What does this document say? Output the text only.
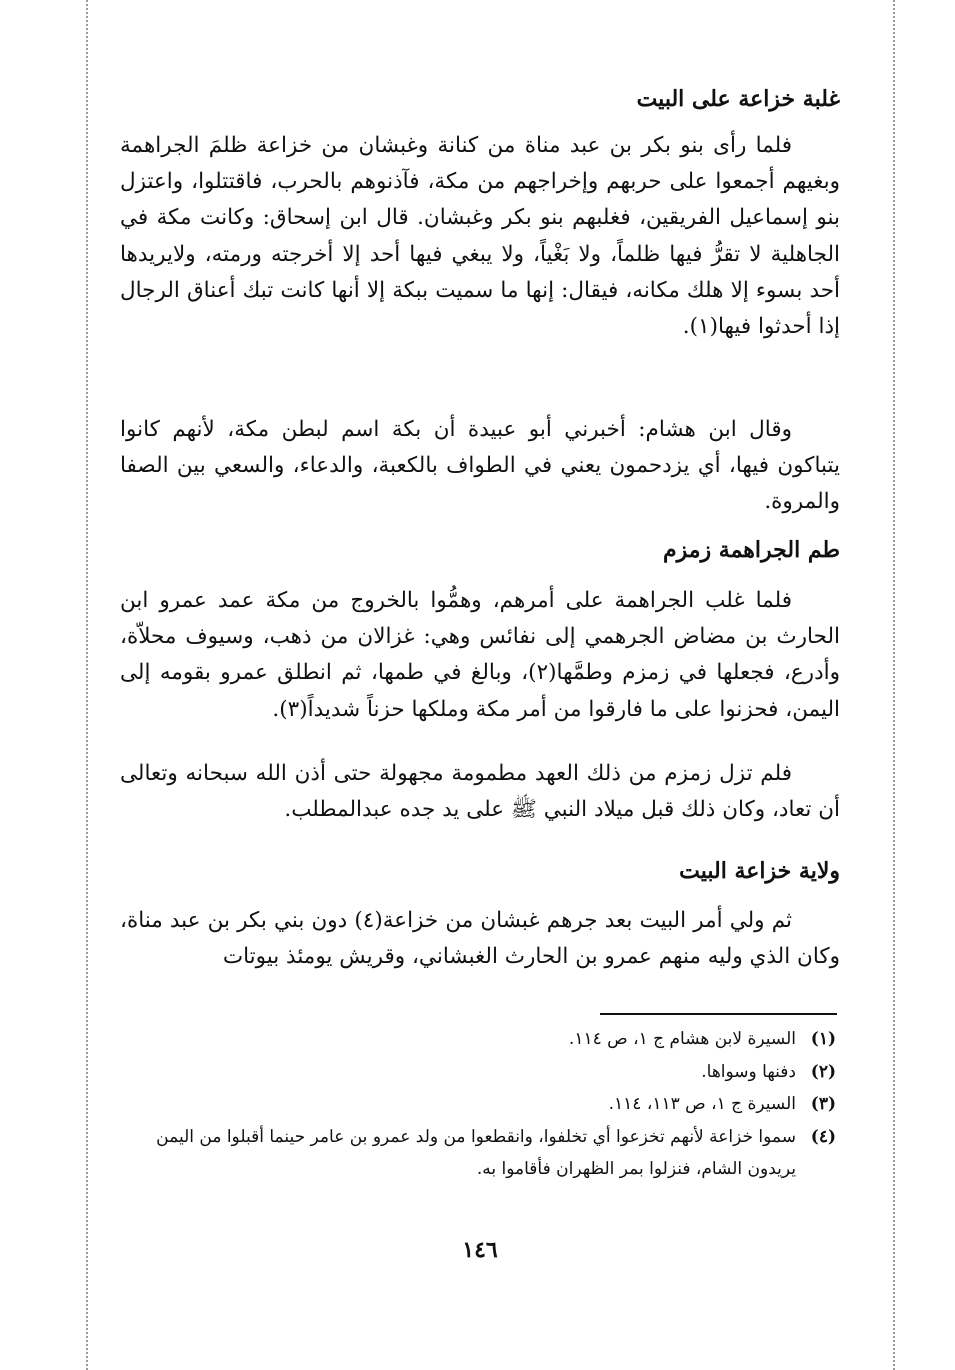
غلبة خزاعة على البيت

فلما رأى بنو بكر بن عبد مناة من كنانة وغبشان من خزاعة ظلمَ الجراهمة وبغيهم أجمعوا على حربهم وإخراجهم من مكة، فآذنوهم بالحرب، فاقتتلوا، واعتزل بنو إسماعيل الفريقين، فغلبهم بنو بكر وغبشان. قال ابن إسحاق: وكانت مكة في الجاهلية لا تقرُّ فيها ظلماً، ولا بَغْياً، ولا يبغي فيها أحد إلا أخرجته ورمته، ولايريدها أحد بسوء إلا هلك مكانه، فيقال: إنها ما سميت ببكة إلا أنها كانت تبك أعناق الرجال إذا أحدثوا فيها(١).

وقال ابن هشام: أخبرني أبو عبيدة أن بكة اسم لبطن مكة، لأنهم كانوا يتباكون فيها، أي يزدحمون يعني في الطواف بالكعبة، والدعاء، والسعي بين الصفا والمروة.

طم الجراهمة زمزم

فلما غلب الجراهمة على أمرهم، وهمُّوا بالخروج من مكة عمد عمرو ابن الحارث بن مضاض الجرهمي إلى نفائس وهي: غزالان من ذهب، وسيوف محلاّة، وأدرع، فجعلها في زمزم وطمَّها(٢)، وبالغ في طمها، ثم انطلق عمرو بقومه إلى اليمن، فحزنوا على ما فارقوا من أمر مكة وملكها حزناً شديداً(٣).

فلم تزل زمزم من ذلك العهد مطمومة مجهولة حتى أذن الله سبحانه وتعالى أن تعاد، وكان ذلك قبل ميلاد النبي ﷺ على يد جده عبدالمطلب.

ولاية خزاعة البيت

ثم ولي أمر البيت بعد جرهم غبشان من خزاعة(٤) دون بني بكر بن عبد مناة، وكان الذي وليه منهم عمرو بن الحارث الغبشاني، وقريش يومئذ بيوتات

(١)
السيرة لابن هشام ج ١، ص ١١٤.
(٢)
دفنها وسواها.
(٣)
السيرة ج ١، ص ١١٣، ١١٤.
(٤)
سموا خزاعة لأنهم تخزعوا أي تخلفوا، وانقطعوا من ولد عمرو بن عامر حينما أقبلوا من اليمن يريدون الشام، فنزلوا بمر الظهران فأقاموا به.
١٤٦
